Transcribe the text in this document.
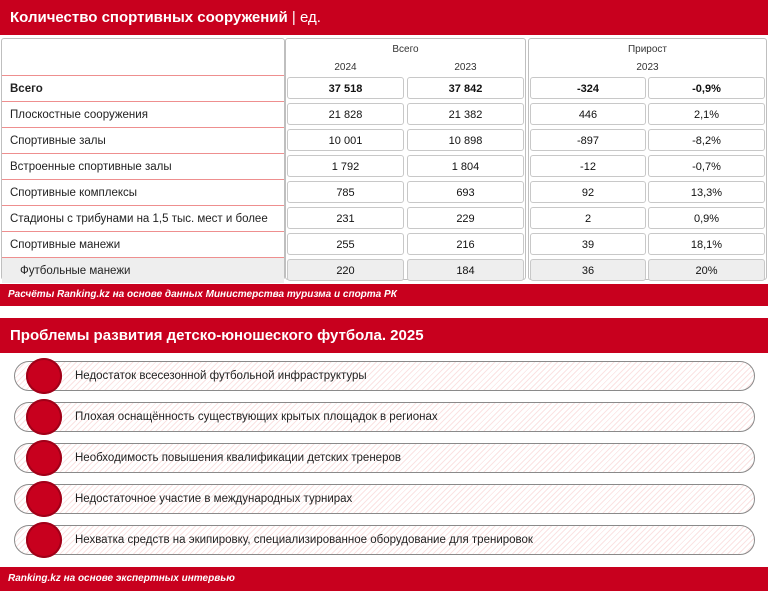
Количество спортивных сооружений | ед.
Всего
2024	2023
Прирост
2023
Всего	37 518	37 842	-324	-0,9%
Плоскостные сооружения	21 828	21 382	446	2,1%
Спортивные залы	10 001	10 898	-897	-8,2%
Встроенные спортивные залы	1 792	1 804	-12	-0,7%
Спортивные комплексы	785	693	92	13,3%
Стадионы с трибунами на 1,5 тыс. мест и более	231	229	2	0,9%
Спортивные манежи	255	216	39	18,1%
Футбольные манежи	220	184	36	20%
Расчёты Ranking.kz на основе данных Министерства туризма и спорта РК
Проблемы развития детско-юношеского футбола. 2025
Недостаток всесезонной футбольной инфраструктуры
Плохая оснащённость существующих крытых площадок в регионах
Необходимость повышения квалификации детских тренеров
Недостаточное участие в международных турнирах
Нехватка средств на экипировку, специализированное оборудование для тренировок
Ranking.kz на основе экспертных интервью
